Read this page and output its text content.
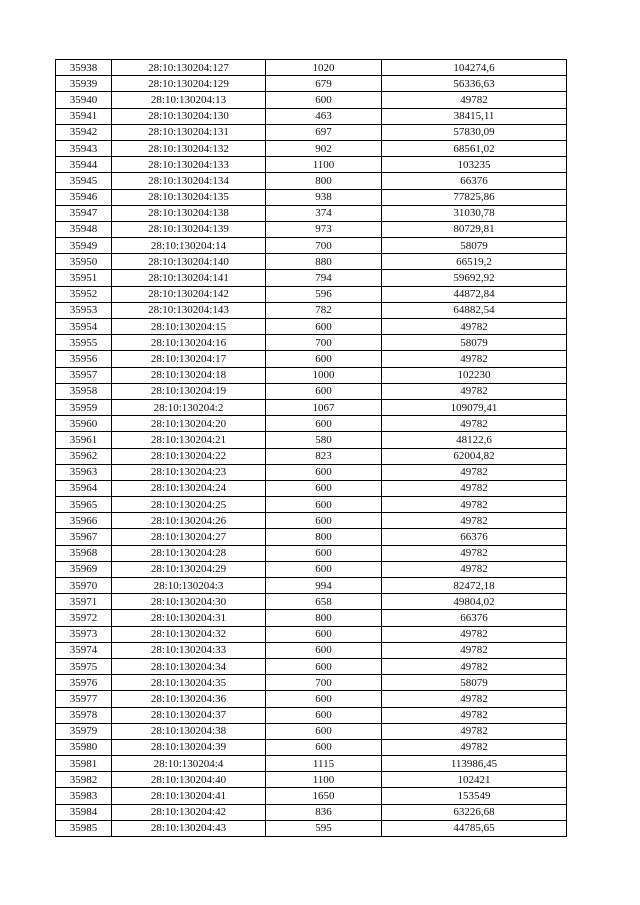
35938	28:10:130204:127	1020	104274,6
35939	28:10:130204:129	679	56336,63
35940	28:10:130204:13	600	49782
35941	28:10:130204:130	463	38415,11
35942	28:10:130204:131	697	57830,09
35943	28:10:130204:132	902	68561,02
35944	28:10:130204:133	1100	103235
35945	28:10:130204:134	800	66376
35946	28:10:130204:135	938	77825,86
35947	28:10:130204:138	374	31030,78
35948	28:10:130204:139	973	80729,81
35949	28:10:130204:14	700	58079
35950	28:10:130204:140	880	66519,2
35951	28:10:130204:141	794	59692,92
35952	28:10:130204:142	596	44872,84
35953	28:10:130204:143	782	64882,54
35954	28:10:130204:15	600	49782
35955	28:10:130204:16	700	58079
35956	28:10:130204:17	600	49782
35957	28:10:130204:18	1000	102230
35958	28:10:130204:19	600	49782
35959	28:10:130204:2	1067	109079,41
35960	28:10:130204:20	600	49782
35961	28:10:130204:21	580	48122,6
35962	28:10:130204:22	823	62004,82
35963	28:10:130204:23	600	49782
35964	28:10:130204:24	600	49782
35965	28:10:130204:25	600	49782
35966	28:10:130204:26	600	49782
35967	28:10:130204:27	800	66376
35968	28:10:130204:28	600	49782
35969	28:10:130204:29	600	49782
35970	28:10:130204:3	994	82472,18
35971	28:10:130204:30	658	49804,02
35972	28:10:130204:31	800	66376
35973	28:10:130204:32	600	49782
35974	28:10:130204:33	600	49782
35975	28:10:130204:34	600	49782
35976	28:10:130204:35	700	58079
35977	28:10:130204:36	600	49782
35978	28:10:130204:37	600	49782
35979	28:10:130204:38	600	49782
35980	28:10:130204:39	600	49782
35981	28:10:130204:4	1115	113986,45
35982	28:10:130204:40	1100	102421
35983	28:10:130204:41	1650	153549
35984	28:10:130204:42	836	63226,68
35985	28:10:130204:43	595	44785,65
